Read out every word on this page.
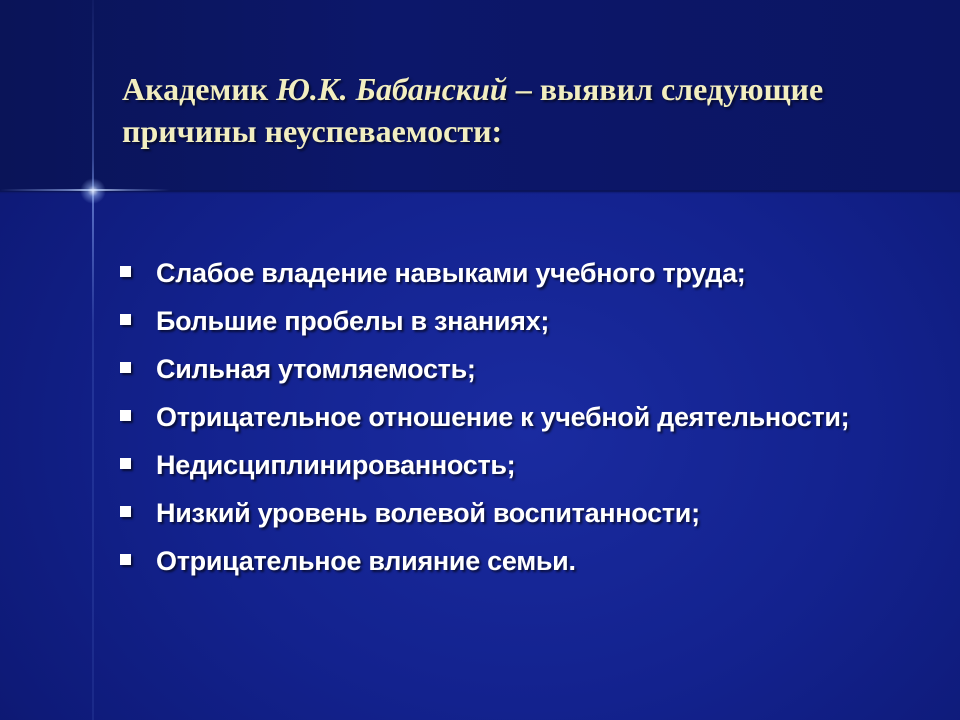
Академик Ю.К. Бабанский – выявил следующие причины неуспеваемости:
Слабое владение навыками учебного труда;
Большие пробелы в знаниях;
Сильная утомляемость;
Отрицательное отношение к учебной деятельности;
Недисциплинированность;
Низкий уровень волевой воспитанности;
Отрицательное влияние семьи.
